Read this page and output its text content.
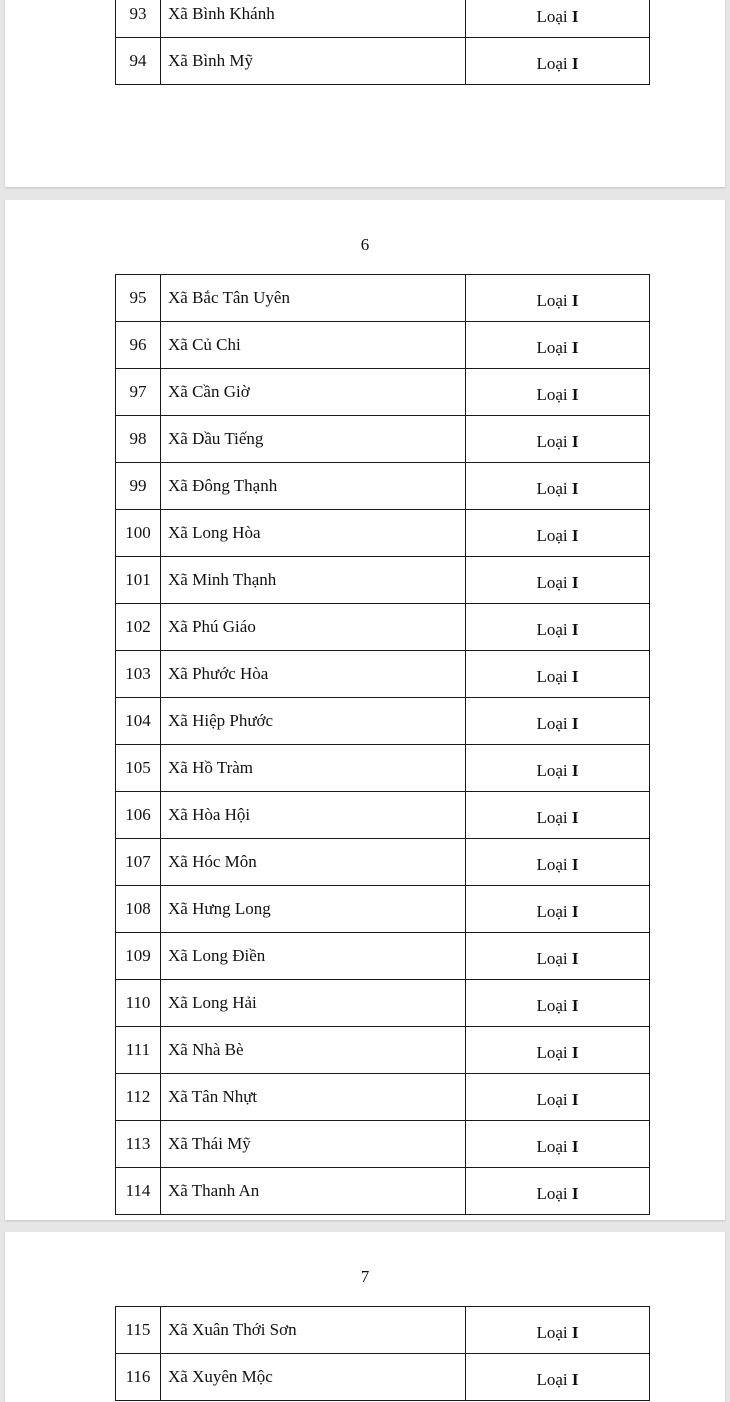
93	Xã Bình Khánh	Loại I
94	Xã Bình Mỹ	Loại I
6
95	Xã Bắc Tân Uyên	Loại I
96	Xã Củ Chi	Loại I
97	Xã Cần Giờ	Loại I
98	Xã Dầu Tiếng	Loại I
99	Xã Đông Thạnh	Loại I
100	Xã Long Hòa	Loại I
101	Xã Minh Thạnh	Loại I
102	Xã Phú Giáo	Loại I
103	Xã Phước Hòa	Loại I
104	Xã Hiệp Phước	Loại I
105	Xã Hồ Tràm	Loại I
106	Xã Hòa Hội	Loại I
107	Xã Hóc Môn	Loại I
108	Xã Hưng Long	Loại I
109	Xã Long Điền	Loại I
110	Xã Long Hải	Loại I
111	Xã Nhà Bè	Loại I
112	Xã Tân Nhựt	Loại I
113	Xã Thái Mỹ	Loại I
114	Xã Thanh An	Loại I
7
115	Xã Xuân Thới Sơn	Loại I
116	Xã Xuyên Mộc	Loại I
